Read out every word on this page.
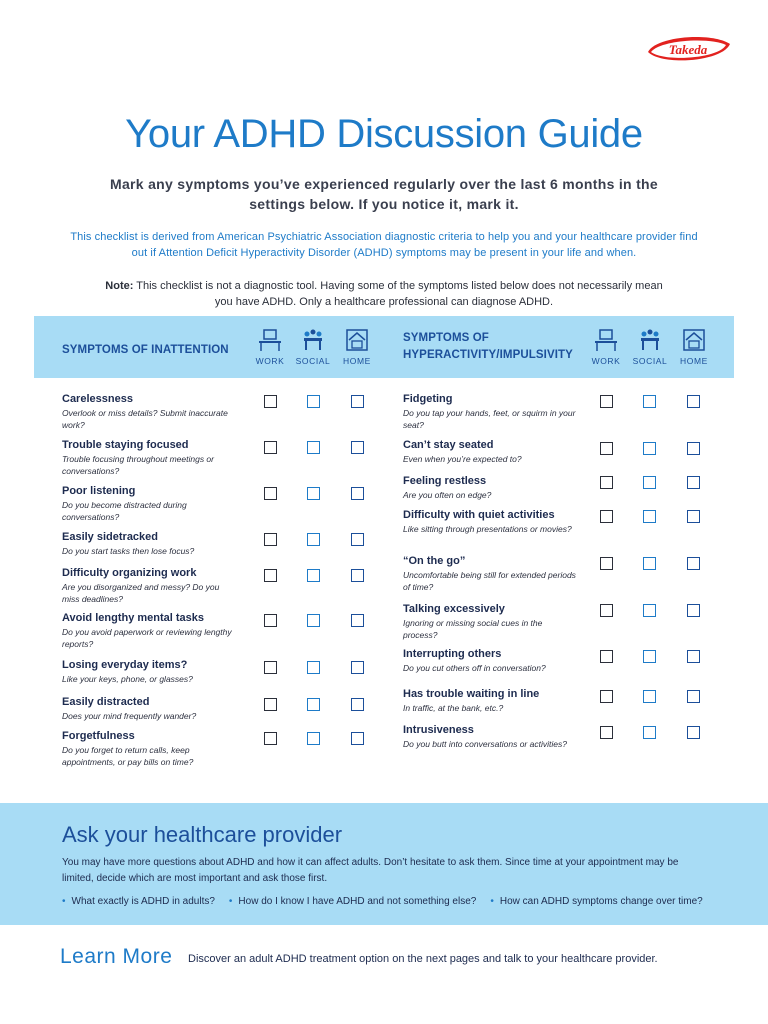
Takeda
Your ADHD Discussion Guide
Mark any symptoms you’ve experienced regularly over the last 6 months in the settings below. If you notice it, mark it.
This checklist is derived from American Psychiatric Association diagnostic criteria to help you and your healthcare provider find out if Attention Deficit Hyperactivity Disorder (ADHD) symptoms may be present in your life and when.
Note: This checklist is not a diagnostic tool. Having some of the symptoms listed below does not necessarily mean you have ADHD. Only a healthcare professional can diagnose ADHD.
SYMPTOMS OF INATTENTION
SYMPTOMS OF HYPERACTIVITY/IMPULSIVITY
WORK	SOCIAL	HOME	WORK	SOCIAL	HOME
Carelessness
Overlook or miss details? Submit inaccurate work?
Trouble staying focused
Trouble focusing throughout meetings or conversations?
Poor listening
Do you become distracted during conversations?
Easily sidetracked
Do you start tasks then lose focus?
Difficulty organizing work
Are you disorganized and messy? Do you miss deadlines?
Avoid lengthy mental tasks
Do you avoid paperwork or reviewing lengthy reports?
Losing everyday items?
Like your keys, phone, or glasses?
Easily distracted
Does your mind frequently wander?
Forgetfulness
Do you forget to return calls, keep appointments, or pay bills on time?
Fidgeting
Do you tap your hands, feet, or squirm in your seat?
Can’t stay seated
Even when you’re expected to?
Feeling restless
Are you often on edge?
Difficulty with quiet activities
Like sitting through presentations or movies?
“On the go”
Uncomfortable being still for extended periods of time?
Talking excessively
Ignoring or missing social cues in the process?
Interrupting others
Do you cut others off in conversation?
Has trouble waiting in line
In traffic, at the bank, etc.?
Intrusiveness
Do you butt into conversations or activities?
Ask your healthcare provider
You may have more questions about ADHD and how it can affect adults. Don’t hesitate to ask them. Since time at your appointment may be limited, decide which are most important and ask those first.
• What exactly is ADHD in adults?	• How do I know I have ADHD and not something else?	• How can ADHD symptoms change over time?
Learn More Discover an adult ADHD treatment option on the next pages and talk to your healthcare provider.
